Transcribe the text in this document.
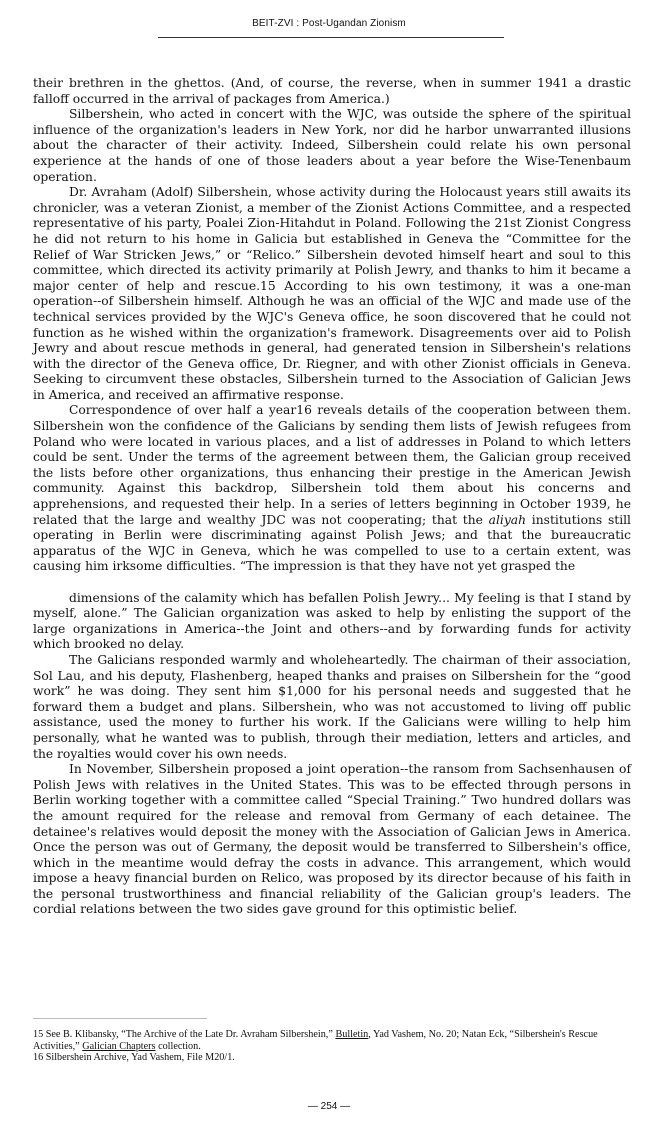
BEIT-ZVI : Post-Ugandan Zionism

their brethren in the ghettos. (And, of course, the reverse, when in summer 1941 a drastic falloff occurred in the arrival of packages from America.)

Silbershein, who acted in concert with the WJC, was outside the sphere of the spiritual influence of the organization's leaders in New York, nor did he harbor unwarranted illusions about the character of their activity. Indeed, Silbershein could relate his own personal experience at the hands of one of those leaders about a year before the Wise-Tenenbaum operation.

Dr. Avraham (Adolf) Silbershein, whose activity during the Holocaust years still awaits its chronicler, was a veteran Zionist, a member of the Zionist Actions Committee, and a respected representative of his party, Poalei Zion-Hitahdut in Poland. Following the 21st Zionist Congress he did not return to his home in Galicia but established in Geneva the “Committee for the Relief of War Stricken Jews,” or “Relico.” Silbershein devoted himself heart and soul to this committee, which directed its activity primarily at Polish Jewry, and thanks to him it became a major center of help and rescue.15 According to his own testimony, it was a one-man operation--of Silbershein himself. Although he was an official of the WJC and made use of the technical services provided by the WJC's Geneva office, he soon discovered that he could not function as he wished within the organization's framework. Disagreements over aid to Polish Jewry and about rescue methods in general, had generated tension in Silbershein's relations with the director of the Geneva office, Dr. Riegner, and with other Zionist officials in Geneva. Seeking to circumvent these obstacles, Silbershein turned to the Association of Galician Jews in America, and received an affirmative response.

Correspondence of over half a year16 reveals details of the cooperation between them. Silbershein won the confidence of the Galicians by sending them lists of Jewish refugees from Poland who were located in various places, and a list of addresses in Poland to which letters could be sent. Under the terms of the agreement between them, the Galician group received the lists before other organizations, thus enhancing their prestige in the American Jewish community. Against this backdrop, Silbershein told them about his concerns and apprehensions, and requested their help. In a series of letters beginning in October 1939, he related that the large and wealthy JDC was not cooperating; that the aliyah institutions still operating in Berlin were discriminating against Polish Jews; and that the bureaucratic apparatus of the WJC in Geneva, which he was compelled to use to a certain extent, was causing him irksome difficulties. “The impression is that they have not yet grasped the

dimensions of the calamity which has befallen Polish Jewry... My feeling is that I stand by myself, alone.” The Galician organization was asked to help by enlisting the support of the large organizations in America--the Joint and others--and by forwarding funds for activity which brooked no delay.

The Galicians responded warmly and wholeheartedly. The chairman of their association, Sol Lau, and his deputy, Flashenberg, heaped thanks and praises on Silbershein for the “good work” he was doing. They sent him $1,000 for his personal needs and suggested that he forward them a budget and plans. Silbershein, who was not accustomed to living off public assistance, used the money to further his work. If the Galicians were willing to help him personally, what he wanted was to publish, through their mediation, letters and articles, and the royalties would cover his own needs.

In November, Silbershein proposed a joint operation--the ransom from Sachsenhausen of Polish Jews with relatives in the United States. This was to be effected through persons in Berlin working together with a committee called “Special Training.” Two hundred dollars was the amount required for the release and removal from Germany of each detainee. The detainee's relatives would deposit the money with the Association of Galician Jews in America. Once the person was out of Germany, the deposit would be transferred to Silbershein's office, which in the meantime would defray the costs in advance. This arrangement, which would impose a heavy financial burden on Relico, was proposed by its director because of his faith in the personal trustworthiness and financial reliability of the Galician group's leaders. The cordial relations between the two sides gave ground for this optimistic belief.

15 See B. Klibansky, “The Archive of the Late Dr. Avraham Silbershein,” Bulletin, Yad Vashem, No. 20; Natan Eck, “Silbershein's Rescue Activities,” Galician Chapters collection.

16 Silbershein Archive, Yad Vashem, File M20/1.

— 254 —
